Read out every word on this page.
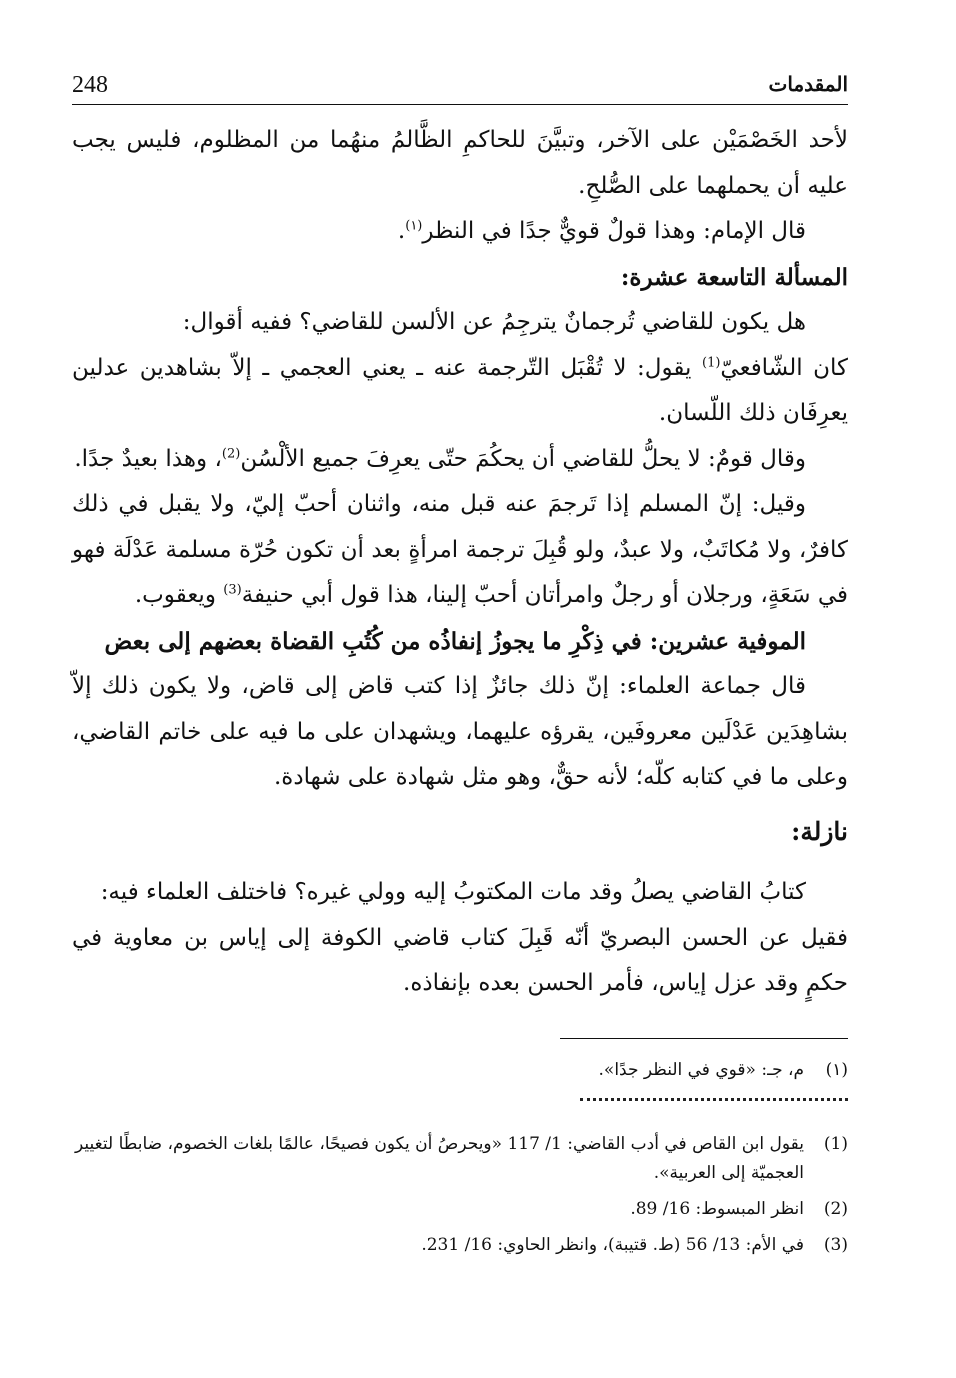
248	المقدمات

لأحد الخَصْمَيْن على الآخر، وتبيَّنَ للحاكمِ الظَّالمُ منهُما من المظلوم، فليس يجب عليه أن يحملهما على الصُّلحِ.

قال الإمام: وهذا قولٌ قويٌّ جدًا في النظر$^{(١)}$.

المسألة التاسعة عشرة:

هل يكون للقاضي تُرجمانٌ يترجِمُ عن الألسن للقاضي؟ ففيه أقوال:

كان الشّافعيّ$^{(1)}$ يقول: لا تُقْبَل التّرجمة عنه ـ يعني العجمي ـ إلاّ بشاهدين عدلين يعرِفَان ذلك اللّسان.

وقال قومٌ: لا يحلُّ للقاضي أن يحكُمَ حتّى يعرِفَ جميع الألْسُن$^{(2)}$، وهذا بعيدٌ جدًا.

وقيل: إنّ المسلم إذا تَرجمَ عنه قبل منه، واثنان أحبّ إليّ، ولا يقبل في ذلك كافرٌ، ولا مُكاتَبٌ، ولا عبدٌ، ولو قُبِلَ ترجمة امرأةٍ بعد أن تكون حُرّة مسلمة عَدْلَة فهو في سَعَةٍ، ورجلان أو رجلٌ وامرأتان أحبّ إلينا، هذا قول أبي حنيفة$^{(3)}$ ويعقوب.

الموفية عشرين: في ذِكْرِ ما يجوزُ إنفاذُه من كُتُبِ القضاة بعضهم إلى بعض

قال جماعة العلماء: إنّ ذلك جائزٌ إذا كتب قاض إلى قاض، ولا يكون ذلك إلاّ بشاهِدَين عَدْلَين معروفَين، يقرؤه عليهما، ويشهدان على ما فيه على خاتم القاضي، وعلى ما في كتابه كلّه؛ لأنه حقٌّ، وهو مثل شهادة على شهادة.

نازلة:

كتابُ القاضي يصلُ وقد مات المكتوبُ إليه وولي غيره؟ فاختلف العلماء فيه:

فقيل عن الحسن البصريّ أنّه قَبِلَ كتاب قاضي الكوفة إلى إياس بن معاوية في حكمٍ وقد عزل إياس، فأمر الحسن بعده بإنفاذه.

(١)
م، جـ: «قوي في النظر جدًا».
(1)
يقول ابن القاص في أدب القاضي: 1/ 117 «ويحرصُ أن يكون فصيحًا، عالمًا بلغات الخصوم، ضابطًا لتغيير العجميّة إلى العربية».
(2)
انظر المبسوط: 16/ 89.
(3)
في الأم: 13/ 56 (ط. قتيبة)، وانظر الحاوي: 16/ 231.
